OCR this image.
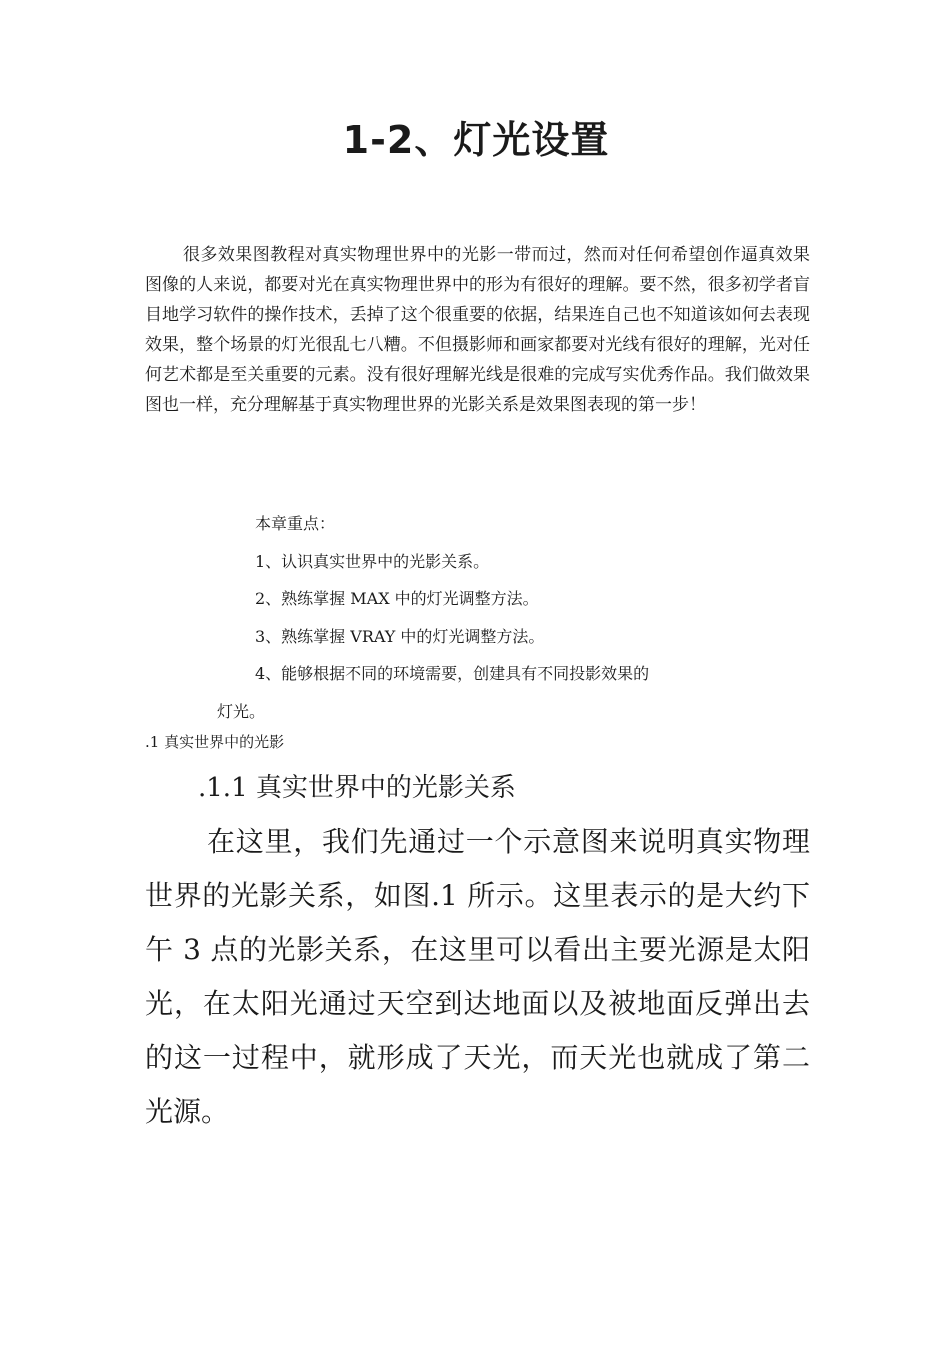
1-2、灯光设置

很多效果图教程对真实物理世界中的光影一带而过，然而对任何希望创作逼真效果图像的人来说，都要对光在真实物理世界中的形为有很好的理解。要不然，很多初学者盲目地学习软件的操作技术，丢掉了这个很重要的依据，结果连自己也不知道该如何去表现效果，整个场景的灯光很乱七八糟。不但摄影师和画家都要对光线有很好的理解，光对任何艺术都是至关重要的元素。没有很好理解光线是很难的完成写实优秀作品。我们做效果图也一样，充分理解基于真实物理世界的光影关系是效果图表现的第一步！

本章重点：
1、认识真实世界中的光影关系。
2、熟练掌握 MAX 中的灯光调整方法。
3、熟练掌握 VRAY 中的灯光调整方法。
4、能够根据不同的环境需要，创建具有不同投影效果的
灯光。
.1 真实世界中的光影
.1.1 真实世界中的光影关系

在这里，我们先通过一个示意图来说明真实物理世界的光影关系，如图.1 所示。这里表示的是大约下午 3 点的光影关系，在这里可以看出主要光源是太阳光，在太阳光通过天空到达地面以及被地面反弹出去的这一过程中，就形成了天光，而天光也就成了第二光源。
